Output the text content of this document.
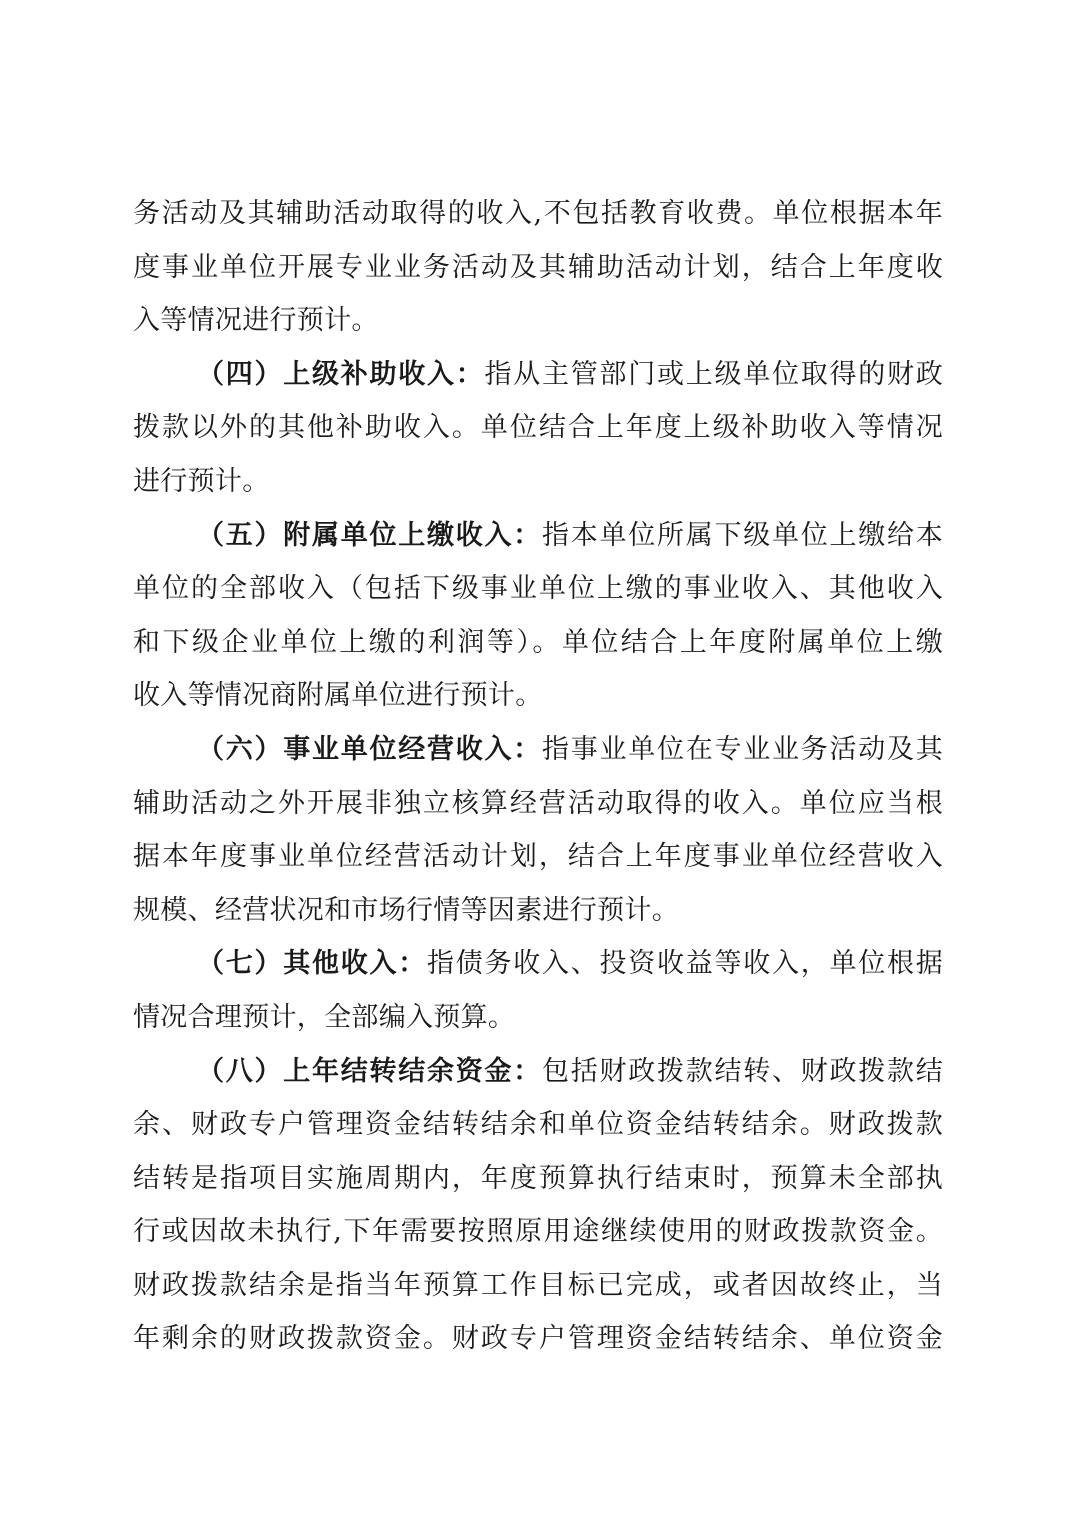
务活动及其辅助活动取得的收入,不包括教育收费。单位根据本年
度事业单位开展专业业务活动及其辅助活动计划，结合上年度收
入等情况进行预计。
（四）上级补助收入：指从主管部门或上级单位取得的财政
拨款以外的其他补助收入。单位结合上年度上级补助收入等情况
进行预计。
（五）附属单位上缴收入：指本单位所属下级单位上缴给本
单位的全部收入（包括下级事业单位上缴的事业收入、其他收入
和下级企业单位上缴的利润等）。单位结合上年度附属单位上缴
收入等情况商附属单位进行预计。
（六）事业单位经营收入：指事业单位在专业业务活动及其
辅助活动之外开展非独立核算经营活动取得的收入。单位应当根
据本年度事业单位经营活动计划，结合上年度事业单位经营收入
规模、经营状况和市场行情等因素进行预计。
（七）其他收入：指债务收入、投资收益等收入，单位根据
情况合理预计，全部编入预算。
（八）上年结转结余资金：包括财政拨款结转、财政拨款结
余、财政专户管理资金结转结余和单位资金结转结余。财政拨款
结转是指项目实施周期内，年度预算执行结束时，预算未全部执
行或因故未执行,下年需要按照原用途继续使用的财政拨款资金。
财政拨款结余是指当年预算工作目标已完成，或者因故终止，当
年剩余的财政拨款资金。财政专户管理资金结转结余、单位资金
